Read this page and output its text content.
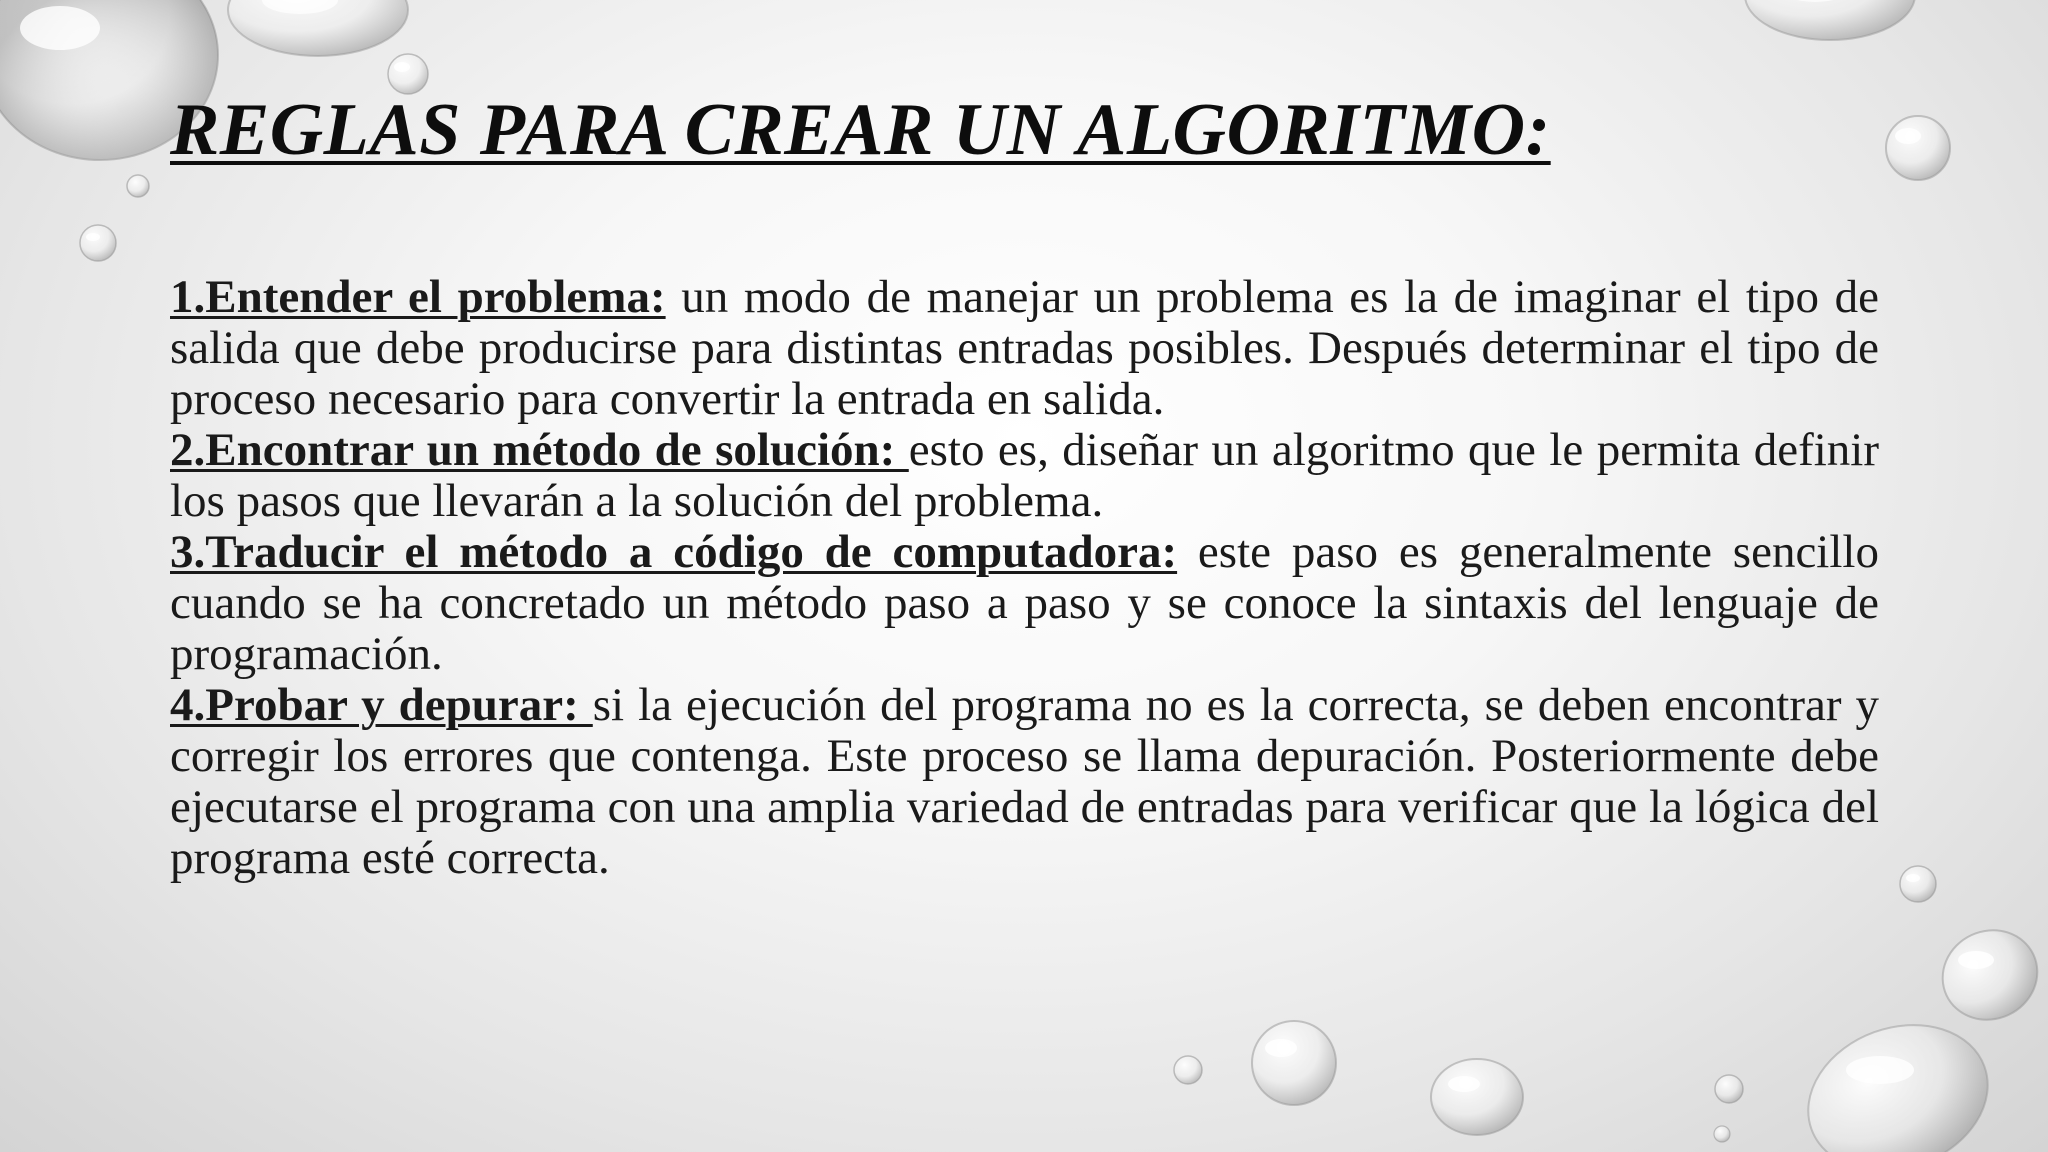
REGLAS PARA CREAR UN ALGORITMO:

1.Entender el problema: un modo de manejar un problema es la de imaginar el tipo de salida que debe producirse para distintas entradas posibles. Después determinar el tipo de proceso necesario para convertir la entrada en salida.

2.Encontrar un método de solución: esto es, diseñar un algoritmo que le permita definir los pasos que llevarán a la solución del problema.

3.Traducir el método a código de computadora: este paso es generalmente sencillo cuando se ha concretado un método paso a paso y se conoce la sintaxis del lenguaje de programación.

4.Probar y depurar: si la ejecución del programa no es la correcta, se deben encontrar y corregir los errores que contenga. Este proceso se llama depuración. Posteriormente debe ejecutarse el programa con una amplia variedad de entradas para verificar que la lógica del programa esté correcta.
